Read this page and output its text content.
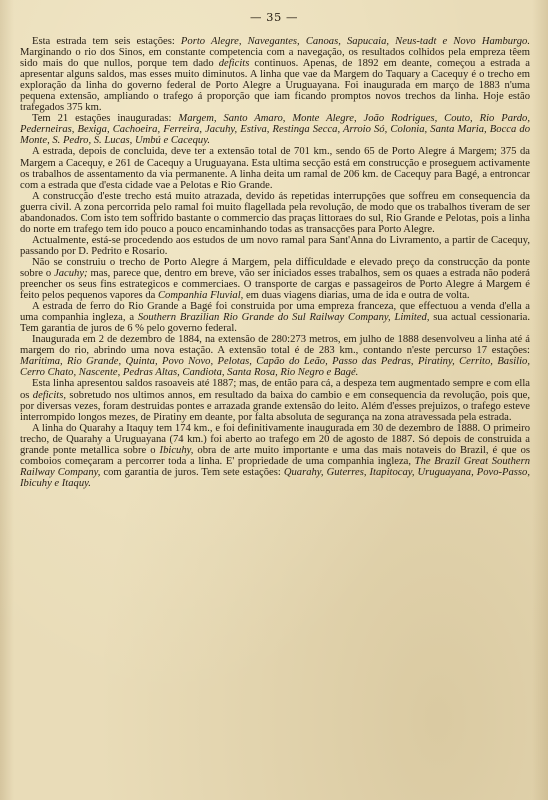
— 35 —

Esta estrada tem seis estações: Porto Alegre, Navegantes, Canoas, Sapucaia, Neus-tadt e Novo Hamburgo. Marginando o rio dos Sinos, em constante competencia com a navegação, os resultados colhidos pela empreza têem sido mais do que nullos, porque tem dado deficits continuos. Apenas, de 1892 em deante, começou a estrada a apresentar alguns saldos, mas esses muito diminutos. A linha que vae da Margem do Taquary a Cacequy é o trecho em exploração da linha do governo federal de Porto Alegre a Uruguayana. Foi inaugurada em março de 1883 n'uma pequena extensão, ampliando o trafego á proporção que iam ficando promptos novos trechos da linha. Hoje estão trafegados 375 km.

Tem 21 estações inauguradas: Margem, Santo Amaro, Monte Alegre, João Rodrigues, Couto, Rio Pardo, Pederneiras, Bexiga, Cachoeira, Ferreira, Jacuhy, Estiva, Restinga Secca, Arroio Só, Colonia, Santa Maria, Bocca do Monte, S. Pedro, S. Lucas, Umbú e Cacequy.

A estrada, depois de concluida, deve ter a extensão total de 701 km., sendo 65 de Porto Alegre á Margem; 375 da Margem a Cacequy, e 261 de Cacequy a Uruguayana. Esta ultima secção está em construcção e proseguem activamente os trabalhos de assentamento da via permanente. A linha deita um ramal de 206 km. de Cacequy para Bagé, a entroncar com a estrada que d'esta cidade vae a Pelotas e Rio Grande.

A construcção d'este trecho está muito atrazada, devido ás repetidas interrupções que soffreu em consequencia da guerra civil. A zona percorrida pelo ramal foi muito flagellada pela revolução, de modo que os trabalhos tiveram de ser abandonados. Com isto tem soffrido bastante o commercio das praças littoraes do sul, Rio Grande e Pelotas, pois a linha do norte em trafego tem ido pouco a pouco encaminhando todas as transacções para Porto Alegre.

Actualmente, está-se procedendo aos estudos de um novo ramal para Sant'Anna do Livramento, a partir de Cacequy, passando por D. Pedrito e Rosario.

Não se construiu o trecho de Porto Alegre á Margem, pela difficuldade e elevado preço da construcção da ponte sobre o Jacuhy; mas, parece que, dentro em breve, vão ser iniciados esses trabalhos, sem os quaes a estrada não poderá preencher os seus fins estrategicos e commerciaes. O transporte de cargas e passageiros de Porto Alegre á Margem é feito pelos pequenos vapores da Companhia Fluvial, em duas viagens diarias, uma de ida e outra de volta.

A estrada de ferro do Rio Grande a Bagé foi construida por uma empreza franceza, que effectuou a venda d'ella a uma companhia ingleza, a Southern Brazilian Rio Grande do Sul Railway Company, Limited, sua actual cessionaria. Tem garantia de juros de 6 % pelo governo federal.

Inaugurada em 2 de dezembro de 1884, na extensão de 280:273 metros, em julho de 1888 desenvolveu a linha até á margem do rio, abrindo uma nova estação. A extensão total é de 283 km., contando n'este percurso 17 estações: Maritima, Rio Grande, Quinta, Povo Novo, Pelotas, Capão do Leão, Passo das Pedras, Piratiny, Cerrito, Basilio, Cerro Chato, Nascente, Pedras Altas, Candiota, Santa Rosa, Rio Negro e Bagé.

Esta linha apresentou saldos rasoaveis até 1887; mas, de então para cá, a despeza tem augmentado sempre e com ella os deficits, sobretudo nos ultimos annos, em resultado da baixa do cambio e em consequencia da revolução, pois que, por diversas vezes, foram destruidas pontes e arrazada grande extensão do leito. Além d'esses prejuizos, o trafego esteve interrompido longos mezes, de Piratiny em deante, por falta absoluta de segurança na zona atravessada pela estrada.

A linha do Quarahy a Itaquy tem 174 km., e foi definitivamente inaugurada em 30 de dezembro de 1888. O primeiro trecho, de Quarahy a Uruguayana (74 km.) foi aberto ao trafego em 20 de agosto de 1887. Só depois de construida a grande ponte metallica sobre o Ibicuhy, obra de arte muito importante e uma das mais notaveis do Brazil, é que os comboios começaram a percorrer toda a linha. E' propriedade de uma companhia ingleza, The Brazil Great Southern Railway Company, com garantia de juros. Tem sete estações: Quarahy, Guterres, Itapitocay, Uruguayana, Povo-Passo, Ibicuhy e Itaquy.
